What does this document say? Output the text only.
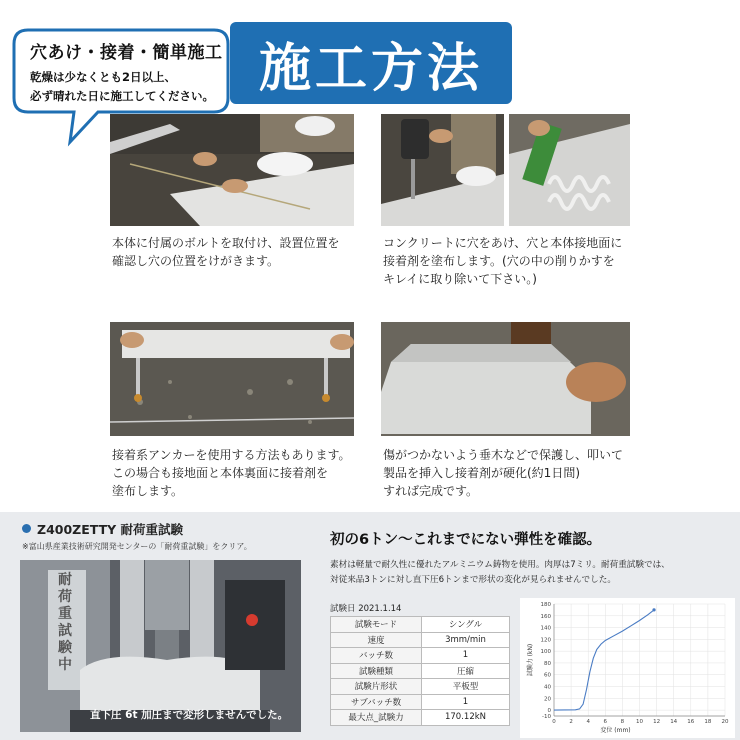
穴あけ・接着・簡単施工
乾燥は少なくとも2日以上、
必ず晴れた日に施工してください。 施工方法
本体に付属のボルトを取付け、設置位置を
確認し穴の位置をけがきます。
コンクリートに穴をあけ、穴と本体接地面に
接着剤を塗布します。(穴の中の削りかすを
キレイに取り除いて下さい。)
接着系アンカーを使用する方法もあります。
この場合も接地面と本体裏面に接着剤を
塗布します。
傷がつかないよう垂木などで保護し、叩いて
製品を挿入し接着剤が硬化(約1日間)
すれば完成です。
Z400ZETTY 耐荷重試験
※富山県産業技術研究開発センターの「耐荷重試験」をクリア。
耐荷重試験中
直下圧 6t 加圧まで変形しませんでした。
初の6トン〜これまでにない弾性を確認。
素材は軽量で耐久性に優れたアルミニウム鋳物を使用。肉厚は7ミリ。耐荷重試験では、
対従来品3トンに対し直下圧6トンまで形状の変化が見られませんでした。
試験日 2021.1.14
試験モード	シングル
速度	3mm/min
バッチ数	1
試験種類	圧縮
試験片形状	平板型
サブバッチ数	1
最大点_試験力	170.12kN	0 2 4 6 8 10 12 14 16 18 20
-10
0
20
40
60
80
100
120
140
160
180
試験力 (kN)
変位 (mm)
